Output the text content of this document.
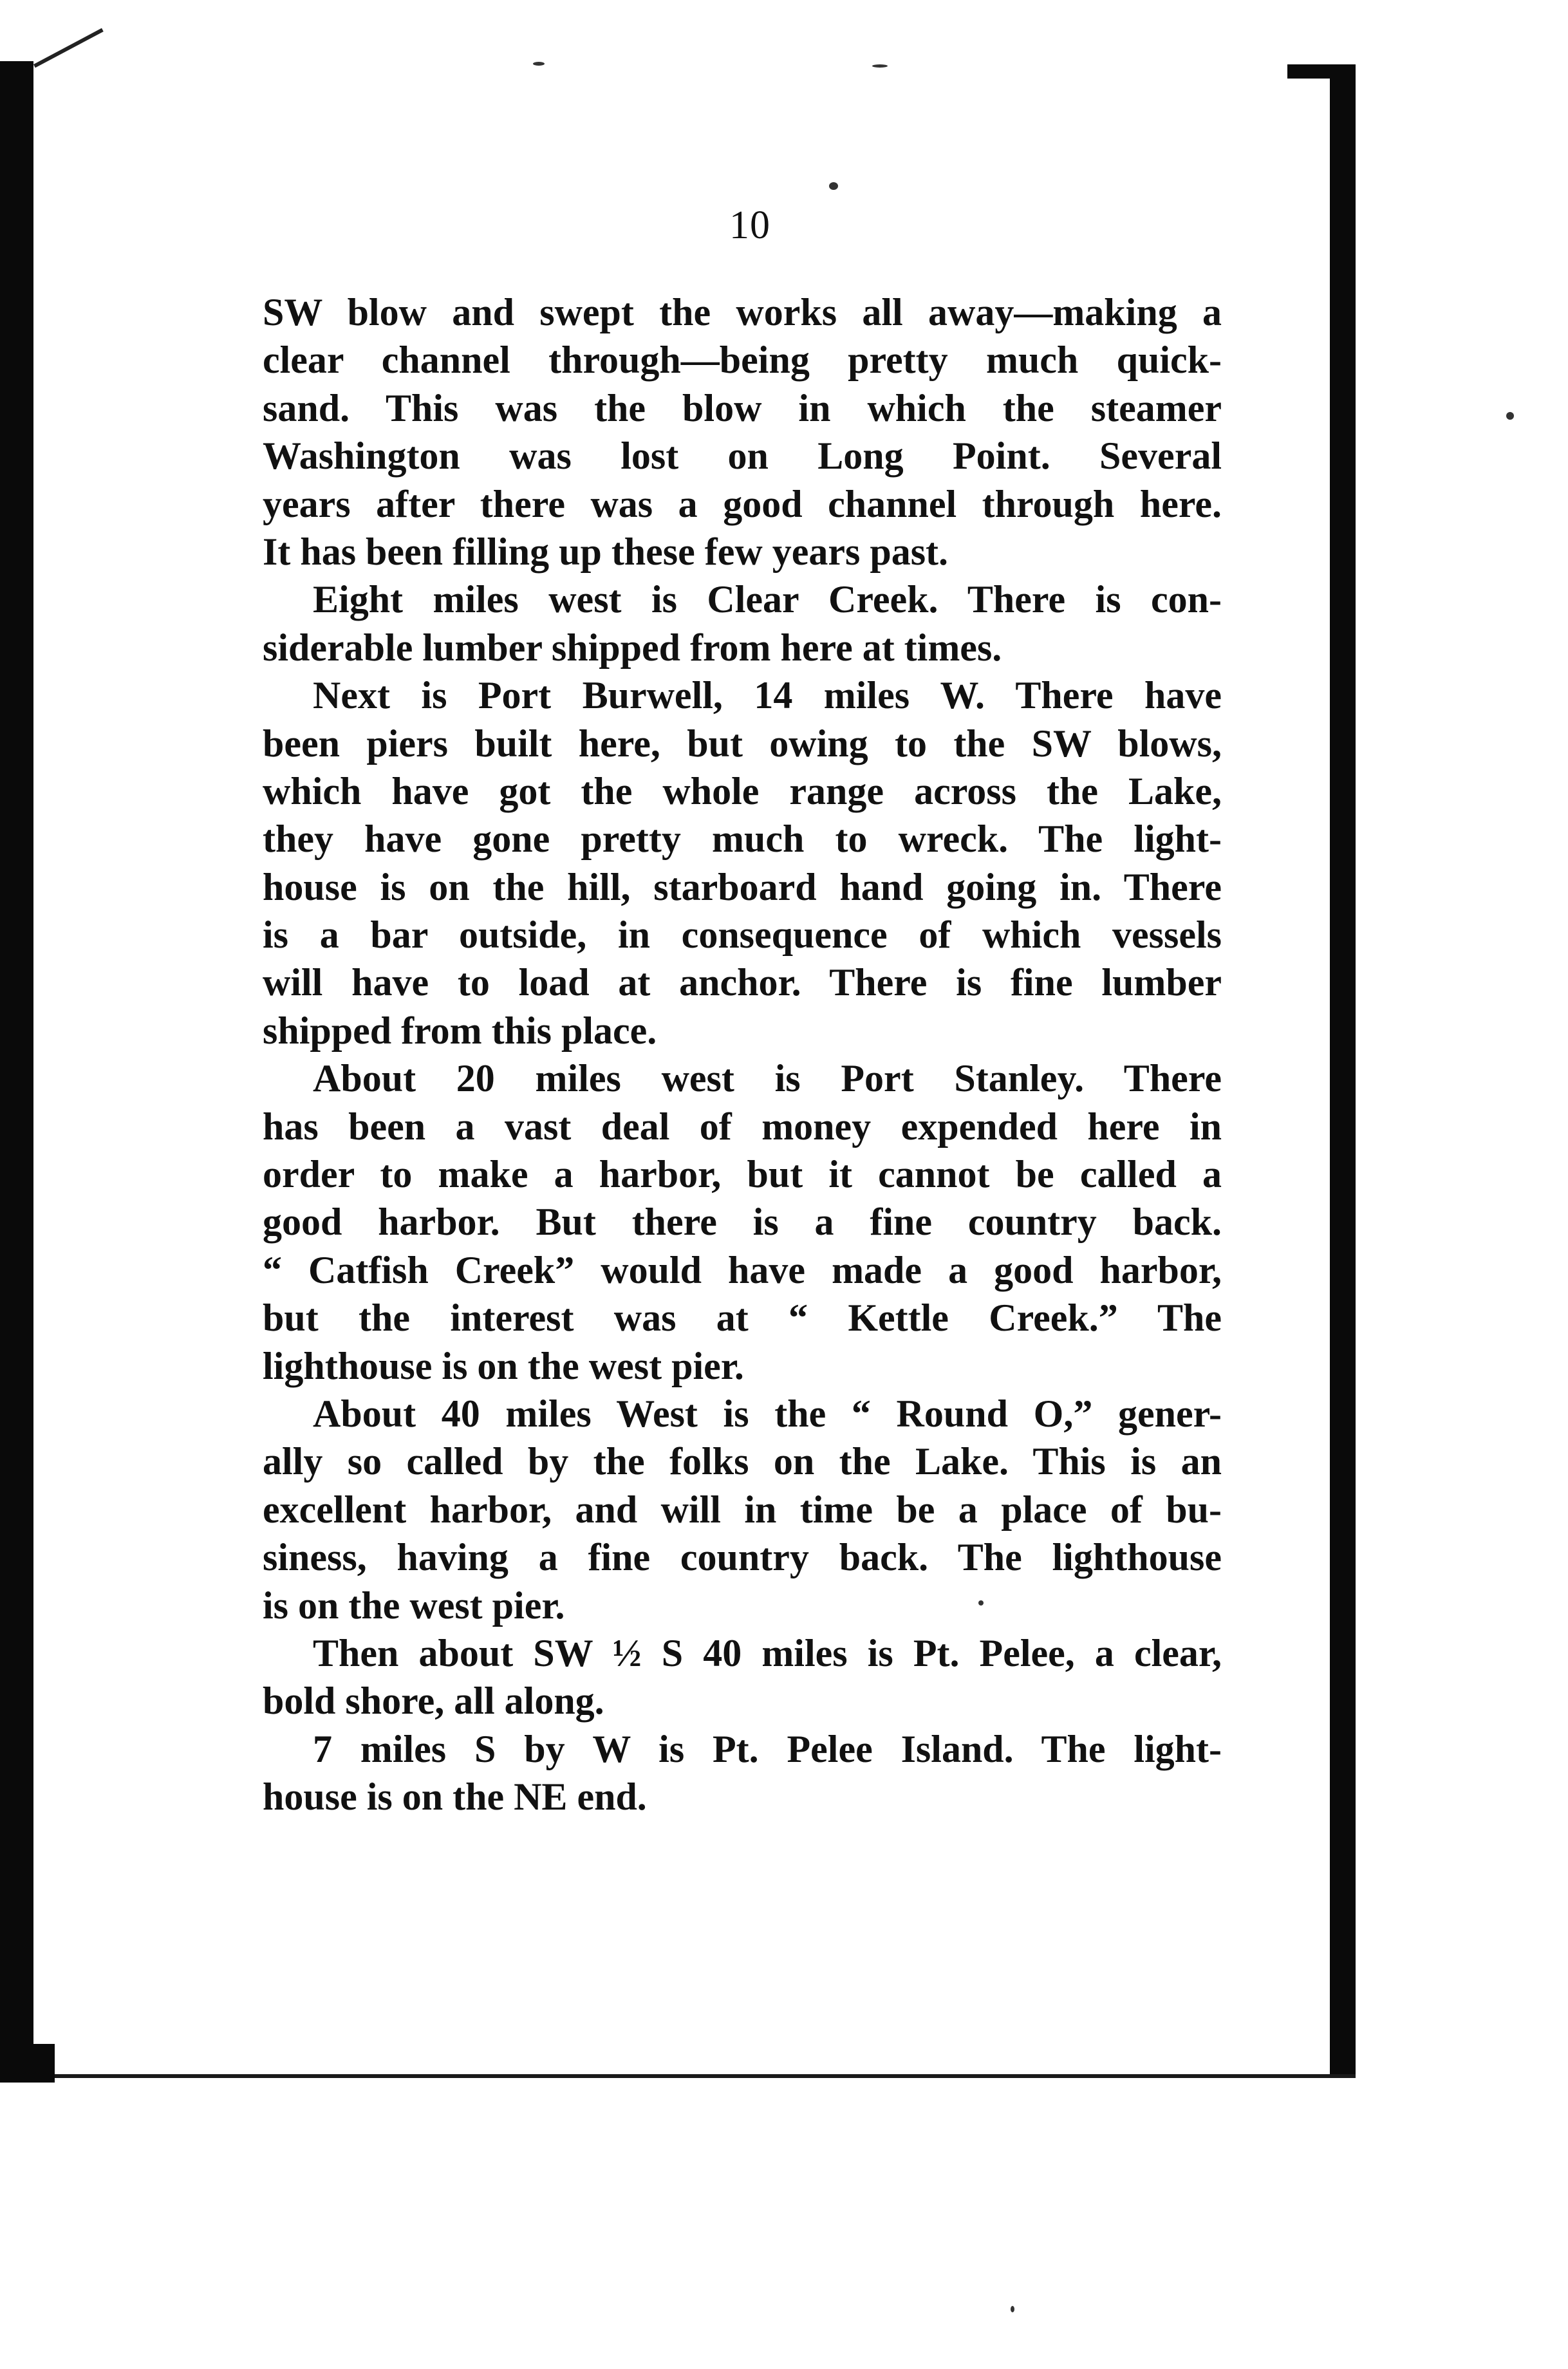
10
SW blow and swept the works all away—making a
clear channel through—being pretty much quick-
sand. This was the blow in which the steamer
Washington was lost on Long Point. Several
years after there was a good channel through here.
It has been filling up these few years past.
Eight miles west is Clear Creek. There is con-
siderable lumber shipped from here at times.
Next is Port Burwell, 14 miles W. There have
been piers built here, but owing to the SW blows,
which have got the whole range across the Lake,
they have gone pretty much to wreck. The light-
house is on the hill, starboard hand going in. There
is a bar outside, in consequence of which vessels
will have to load at anchor. There is fine lumber
shipped from this place.
About 20 miles west is Port Stanley. There
has been a vast deal of money expended here in
order to make a harbor, but it cannot be called a
good harbor. But there is a fine country back.
“ Catfish Creek” would have made a good harbor,
but the interest was at “ Kettle Creek.” The
lighthouse is on the west pier.
About 40 miles West is the “ Round O,” gener-
ally so called by the folks on the Lake. This is an
excellent harbor, and will in time be a place of bu-
siness, having a fine country back. The lighthouse
is on the west pier.
Then about SW ½ S 40 miles is Pt. Pelee, a clear,
bold shore, all along.
7 miles S by W is Pt. Pelee Island. The light-
house is on the NE end.
